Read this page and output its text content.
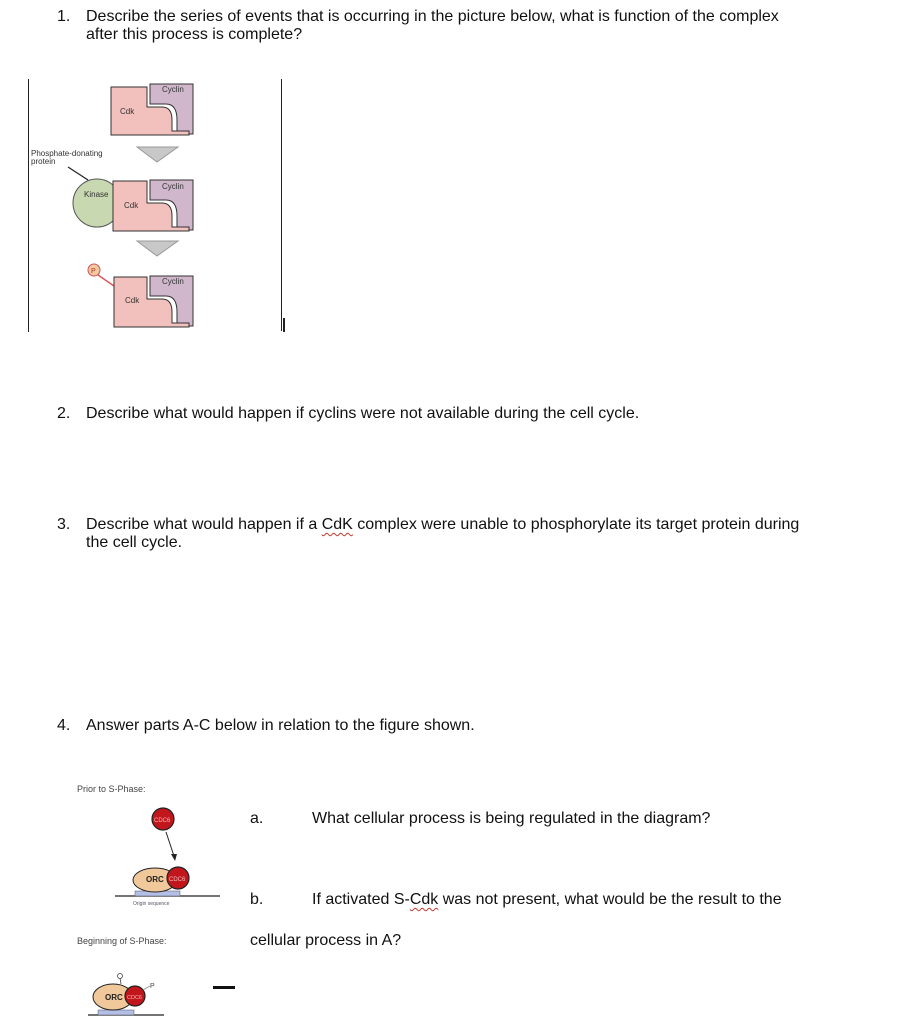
1. Describe the series of events that is occurring in the picture below, what is function of the complex
after this process is complete?
Cdk
Cyclin
Phosphate-donating
protein
Kinase
Cdk
Cyclin
P
Cdk
Cyclin
2. Describe what would happen if cyclins were not available during the cell cycle.
3. Describe what would happen if a CdK complex were unable to phosphorylate its target protein during
the cell cycle.
4. Answer parts A-C below in relation to the figure shown.
Prior to S-Phase:
CDC6
ORC CDC6
Origin sequence
Beginning of S-Phase:
ORC CDC6
P
a.	What cellular process is being regulated in the diagram?
b.	If activated S-Cdk was not present, what would be the result to the
cellular process in A?
